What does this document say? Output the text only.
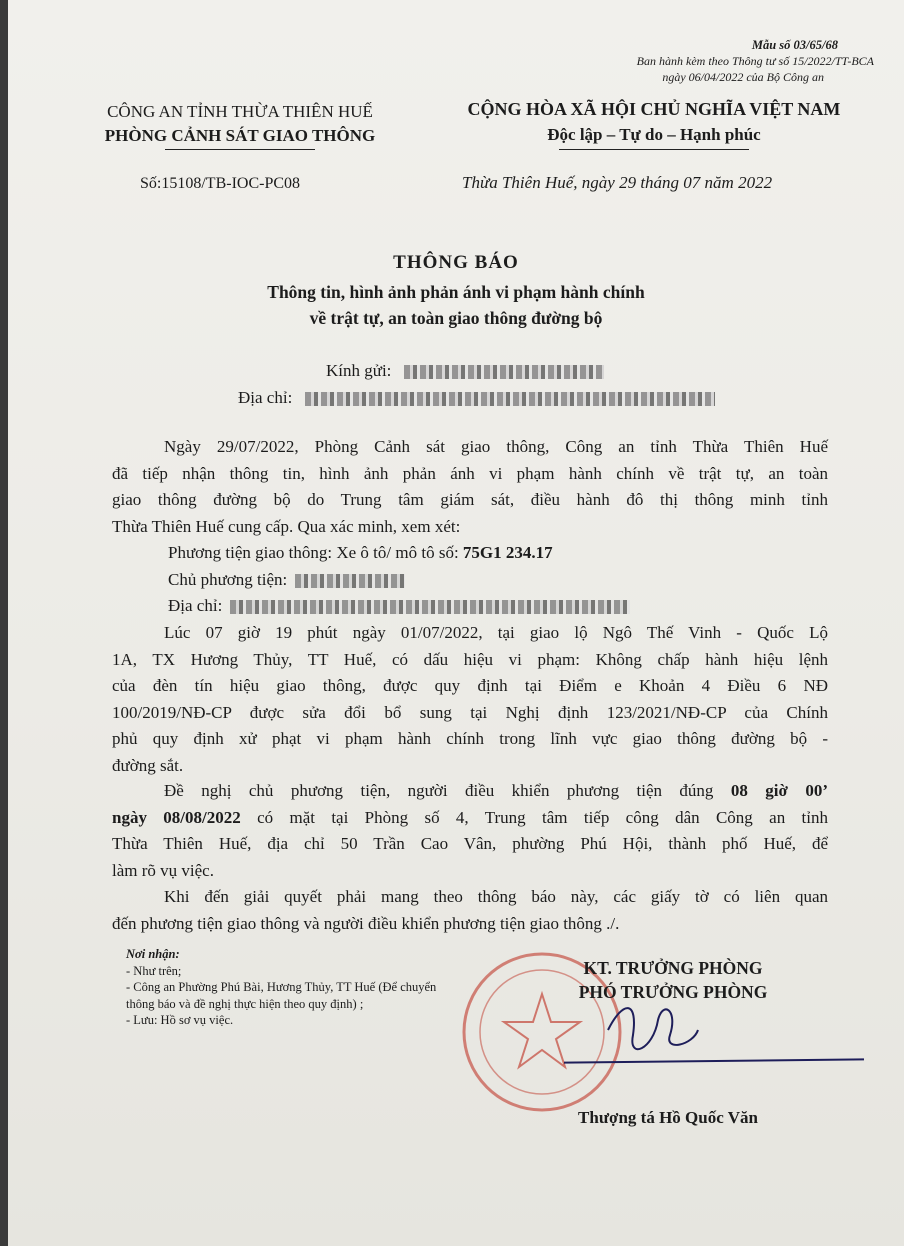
Mẫu số 03/65/68
Ban hành kèm theo Thông tư số 15/2022/TT-BCA
ngày 06/04/2022 của Bộ Công an
CÔNG AN TỈNH THỪA THIÊN HUẾ
PHÒNG CẢNH SÁT GIAO THÔNG
CỘNG HÒA XÃ HỘI CHỦ NGHĨA VIỆT NAM
Độc lập – Tự do – Hạnh phúc
Số:15108/TB-IOC-PC08	Thừa Thiên Huế, ngày 29 tháng 07 năm 2022
THÔNG BÁO
Thông tin, hình ảnh phản ánh vi phạm hành chính
về trật tự, an toàn giao thông đường bộ
Kính gửi:
Địa chỉ:
Ngày 29/07/2022, Phòng Cảnh sát giao thông, Công an tỉnh Thừa Thiên Huế
đã tiếp nhận thông tin, hình ảnh phản ánh vi phạm hành chính về trật tự, an toàn
giao thông đường bộ do Trung tâm giám sát, điều hành đô thị thông minh tỉnh
Thừa Thiên Huế cung cấp. Qua xác minh, xem xét:
Phương tiện giao thông: Xe ô tô/ mô tô số: 75G1 234.17
Chủ phương tiện:
Địa chỉ:
Lúc 07 giờ 19 phút ngày 01/07/2022, tại giao lộ Ngô Thế Vinh - Quốc Lộ
1A, TX Hương Thủy, TT Huế, có dấu hiệu vi phạm: Không chấp hành hiệu lệnh
của đèn tín hiệu giao thông, được quy định tại Điểm e Khoản 4 Điều 6 NĐ
100/2019/NĐ-CP được sửa đổi bổ sung tại Nghị định 123/2021/NĐ-CP của Chính
phủ quy định xử phạt vi phạm hành chính trong lĩnh vực giao thông đường bộ -
đường sắt.
Đề nghị chủ phương tiện, người điều khiển phương tiện đúng 08 giờ 00’
ngày 08/08/2022 có mặt tại Phòng số 4, Trung tâm tiếp công dân Công an tỉnh
Thừa Thiên Huế, địa chỉ 50 Trần Cao Vân, phường Phú Hội, thành phố Huế, để
làm rõ vụ việc.
Khi đến giải quyết phải mang theo thông báo này, các giấy tờ có liên quan
đến phương tiện giao thông và người điều khiển phương tiện giao thông ./.
Nơi nhận:
- Như trên;
- Công an Phường Phú Bài, Hương Thủy, TT Huế (Để chuyển thông báo và đề nghị thực hiện theo quy định) ;
- Lưu: Hồ sơ vụ việc.
KT. TRƯỞNG PHÒNG
PHÓ TRƯỞNG PHÒNG
Thượng tá Hồ Quốc Văn
